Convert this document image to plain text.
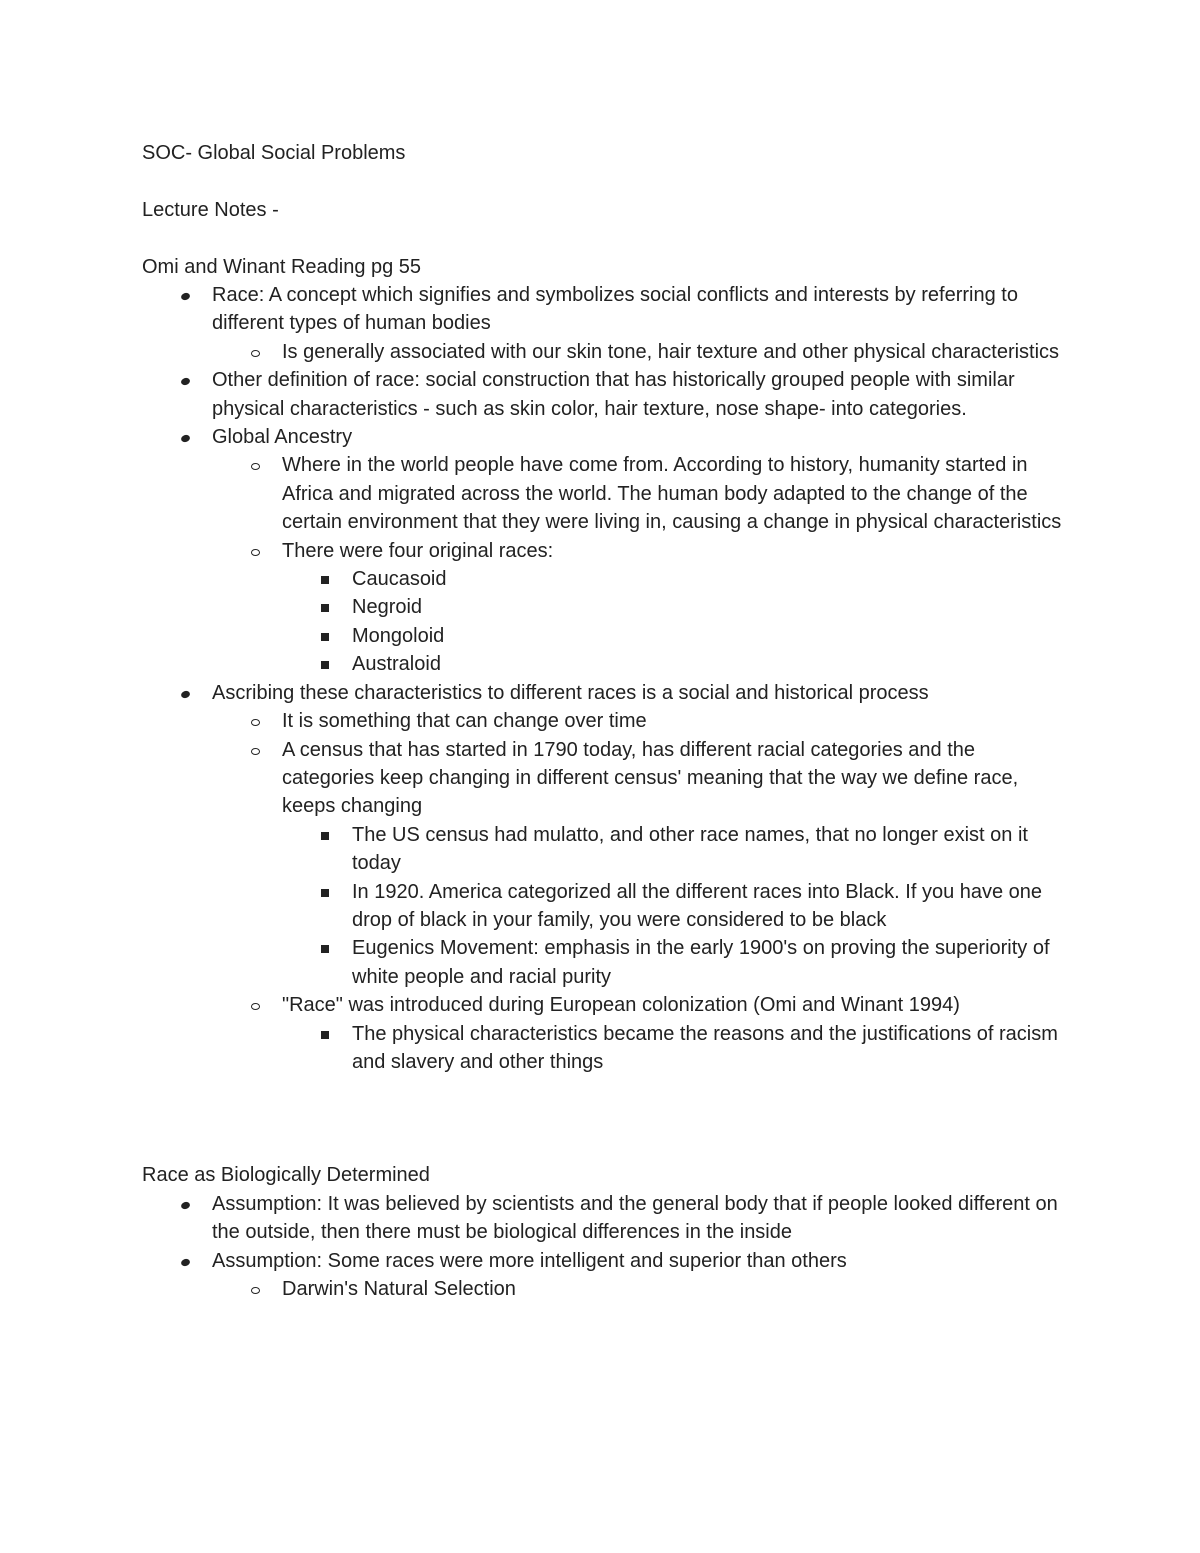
SOC- Global Social Problems

Lecture Notes -

Omi and Winant Reading pg 55

Race: A concept which signifies and symbolizes social conflicts and interests by referring to different types of human bodies
Is generally associated with our skin tone, hair texture and other physical characteristics
Other definition of race: social construction that has historically grouped people with similar physical characteristics - such as skin color, hair texture, nose shape- into categories.
Global Ancestry
Where in the world people have come from. According to history, humanity started in Africa and migrated across the world. The human body adapted to the change of the certain environment that they were living in, causing a change in physical characteristics
There were four original races:
Caucasoid
Negroid
Mongoloid
Australoid
Ascribing these characteristics to different races is a social and historical process
It is something that can change over time
A census that has started in 1790 today, has different racial categories and the categories keep changing in different census' meaning that the way we define race, keeps changing
The US census had mulatto, and other race names, that no longer exist on it today
In 1920. America categorized all the different races into Black. If you have one drop of black in your family, you were considered to be black
Eugenics Movement: emphasis in the early 1900's on proving the superiority of white people and racial purity
"Race" was introduced during European colonization (Omi and Winant 1994)
The physical characteristics became the reasons and the justifications of racism and slavery and other things

Race as Biologically Determined

Assumption: It was believed by scientists and the general body that if people looked different on the outside, then there must be biological differences in the inside
Assumption: Some races were more intelligent and superior than others
Darwin's Natural Selection
